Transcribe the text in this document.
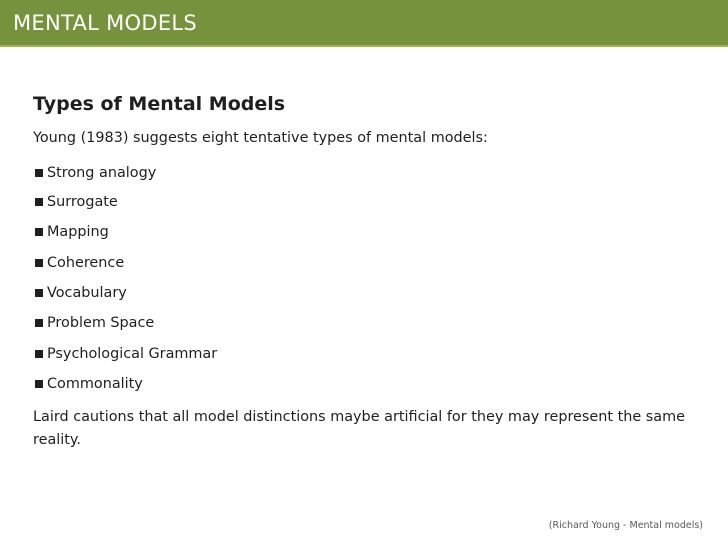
MENTAL MODELS
Types of Mental Models
Young (1983) suggests eight tentative types of mental models:
Strong analogy
Surrogate
Mapping
Coherence
Vocabulary
Problem Space
Psychological Grammar
Commonality
Laird cautions that all model distinctions maybe artificial for they may represent the same reality.
(Richard Young - Mental models)
